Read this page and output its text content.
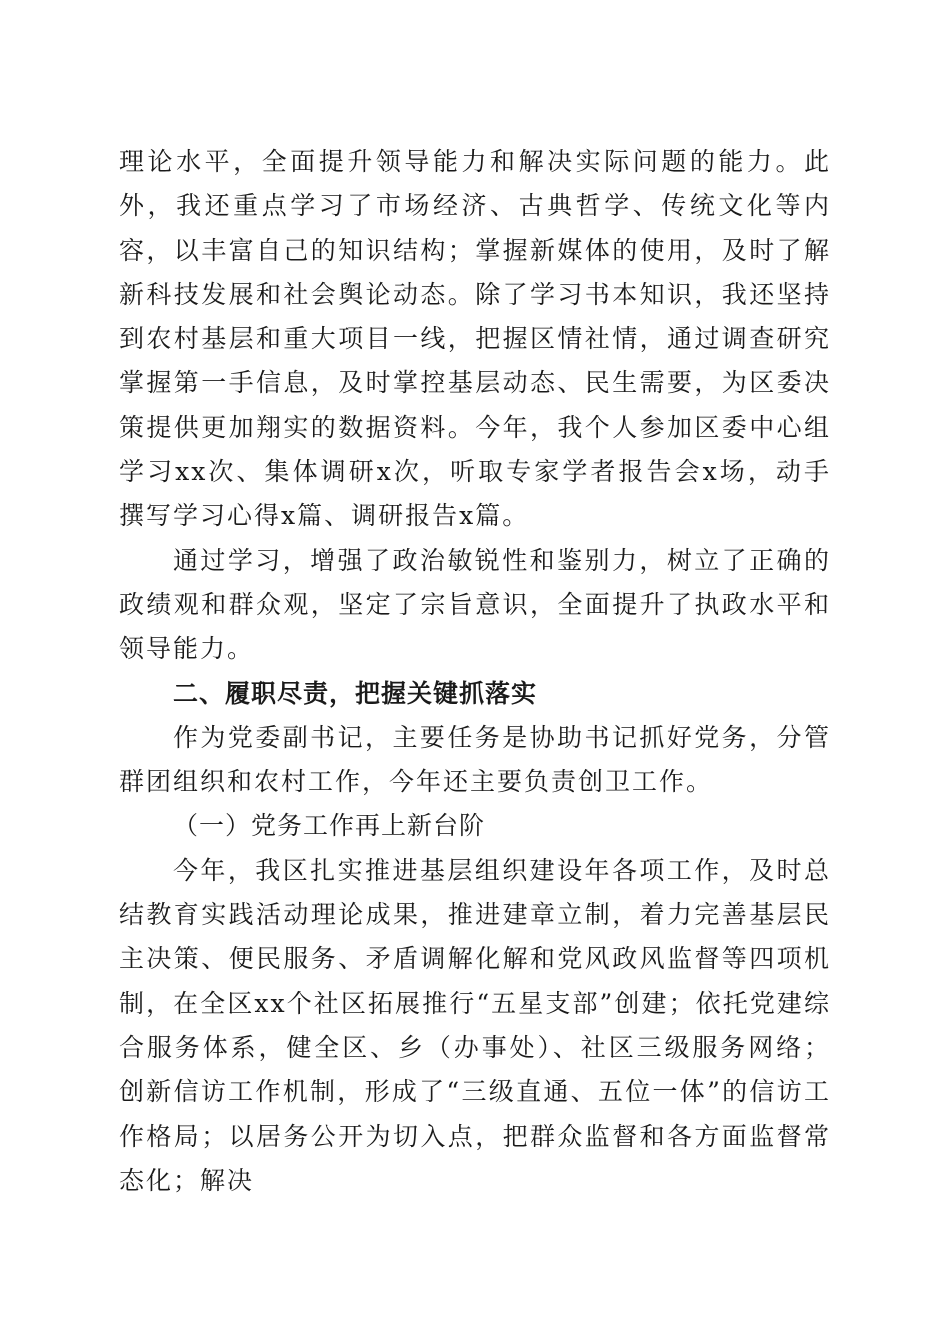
理论水平，全面提升领导能力和解决实际问题的能力。此外，我还重点学习了市场经济、古典哲学、传统文化等内容，以丰富自己的知识结构；掌握新媒体的使用，及时了解新科技发展和社会舆论动态。除了学习书本知识，我还坚持到农村基层和重大项目一线，把握区情社情，通过调查研究掌握第一手信息，及时掌控基层动态、民生需要，为区委决策提供更加翔实的数据资料。今年，我个人参加区委中心组学习xx次、集体调研x次，听取专家学者报告会x场，动手撰写学习心得x篇、调研报告x篇。

通过学习，增强了政治敏锐性和鉴别力，树立了正确的政绩观和群众观，坚定了宗旨意识，全面提升了执政水平和领导能力。

二、履职尽责，把握关键抓落实

作为党委副书记，主要任务是协助书记抓好党务，分管群团组织和农村工作，今年还主要负责创卫工作。

（一）党务工作再上新台阶

今年，我区扎实推进基层组织建设年各项工作，及时总结教育实践活动理论成果，推进建章立制，着力完善基层民主决策、便民服务、矛盾调解化解和党风政风监督等四项机制，在全区xx个社区拓展推行“五星支部”创建；依托党建综合服务体系，健全区、乡（办事处）、社区三级服务网络；创新信访工作机制，形成了“三级直通、五位一体”的信访工作格局；以居务公开为切入点，把群众监督和各方面监督常态化；解决
